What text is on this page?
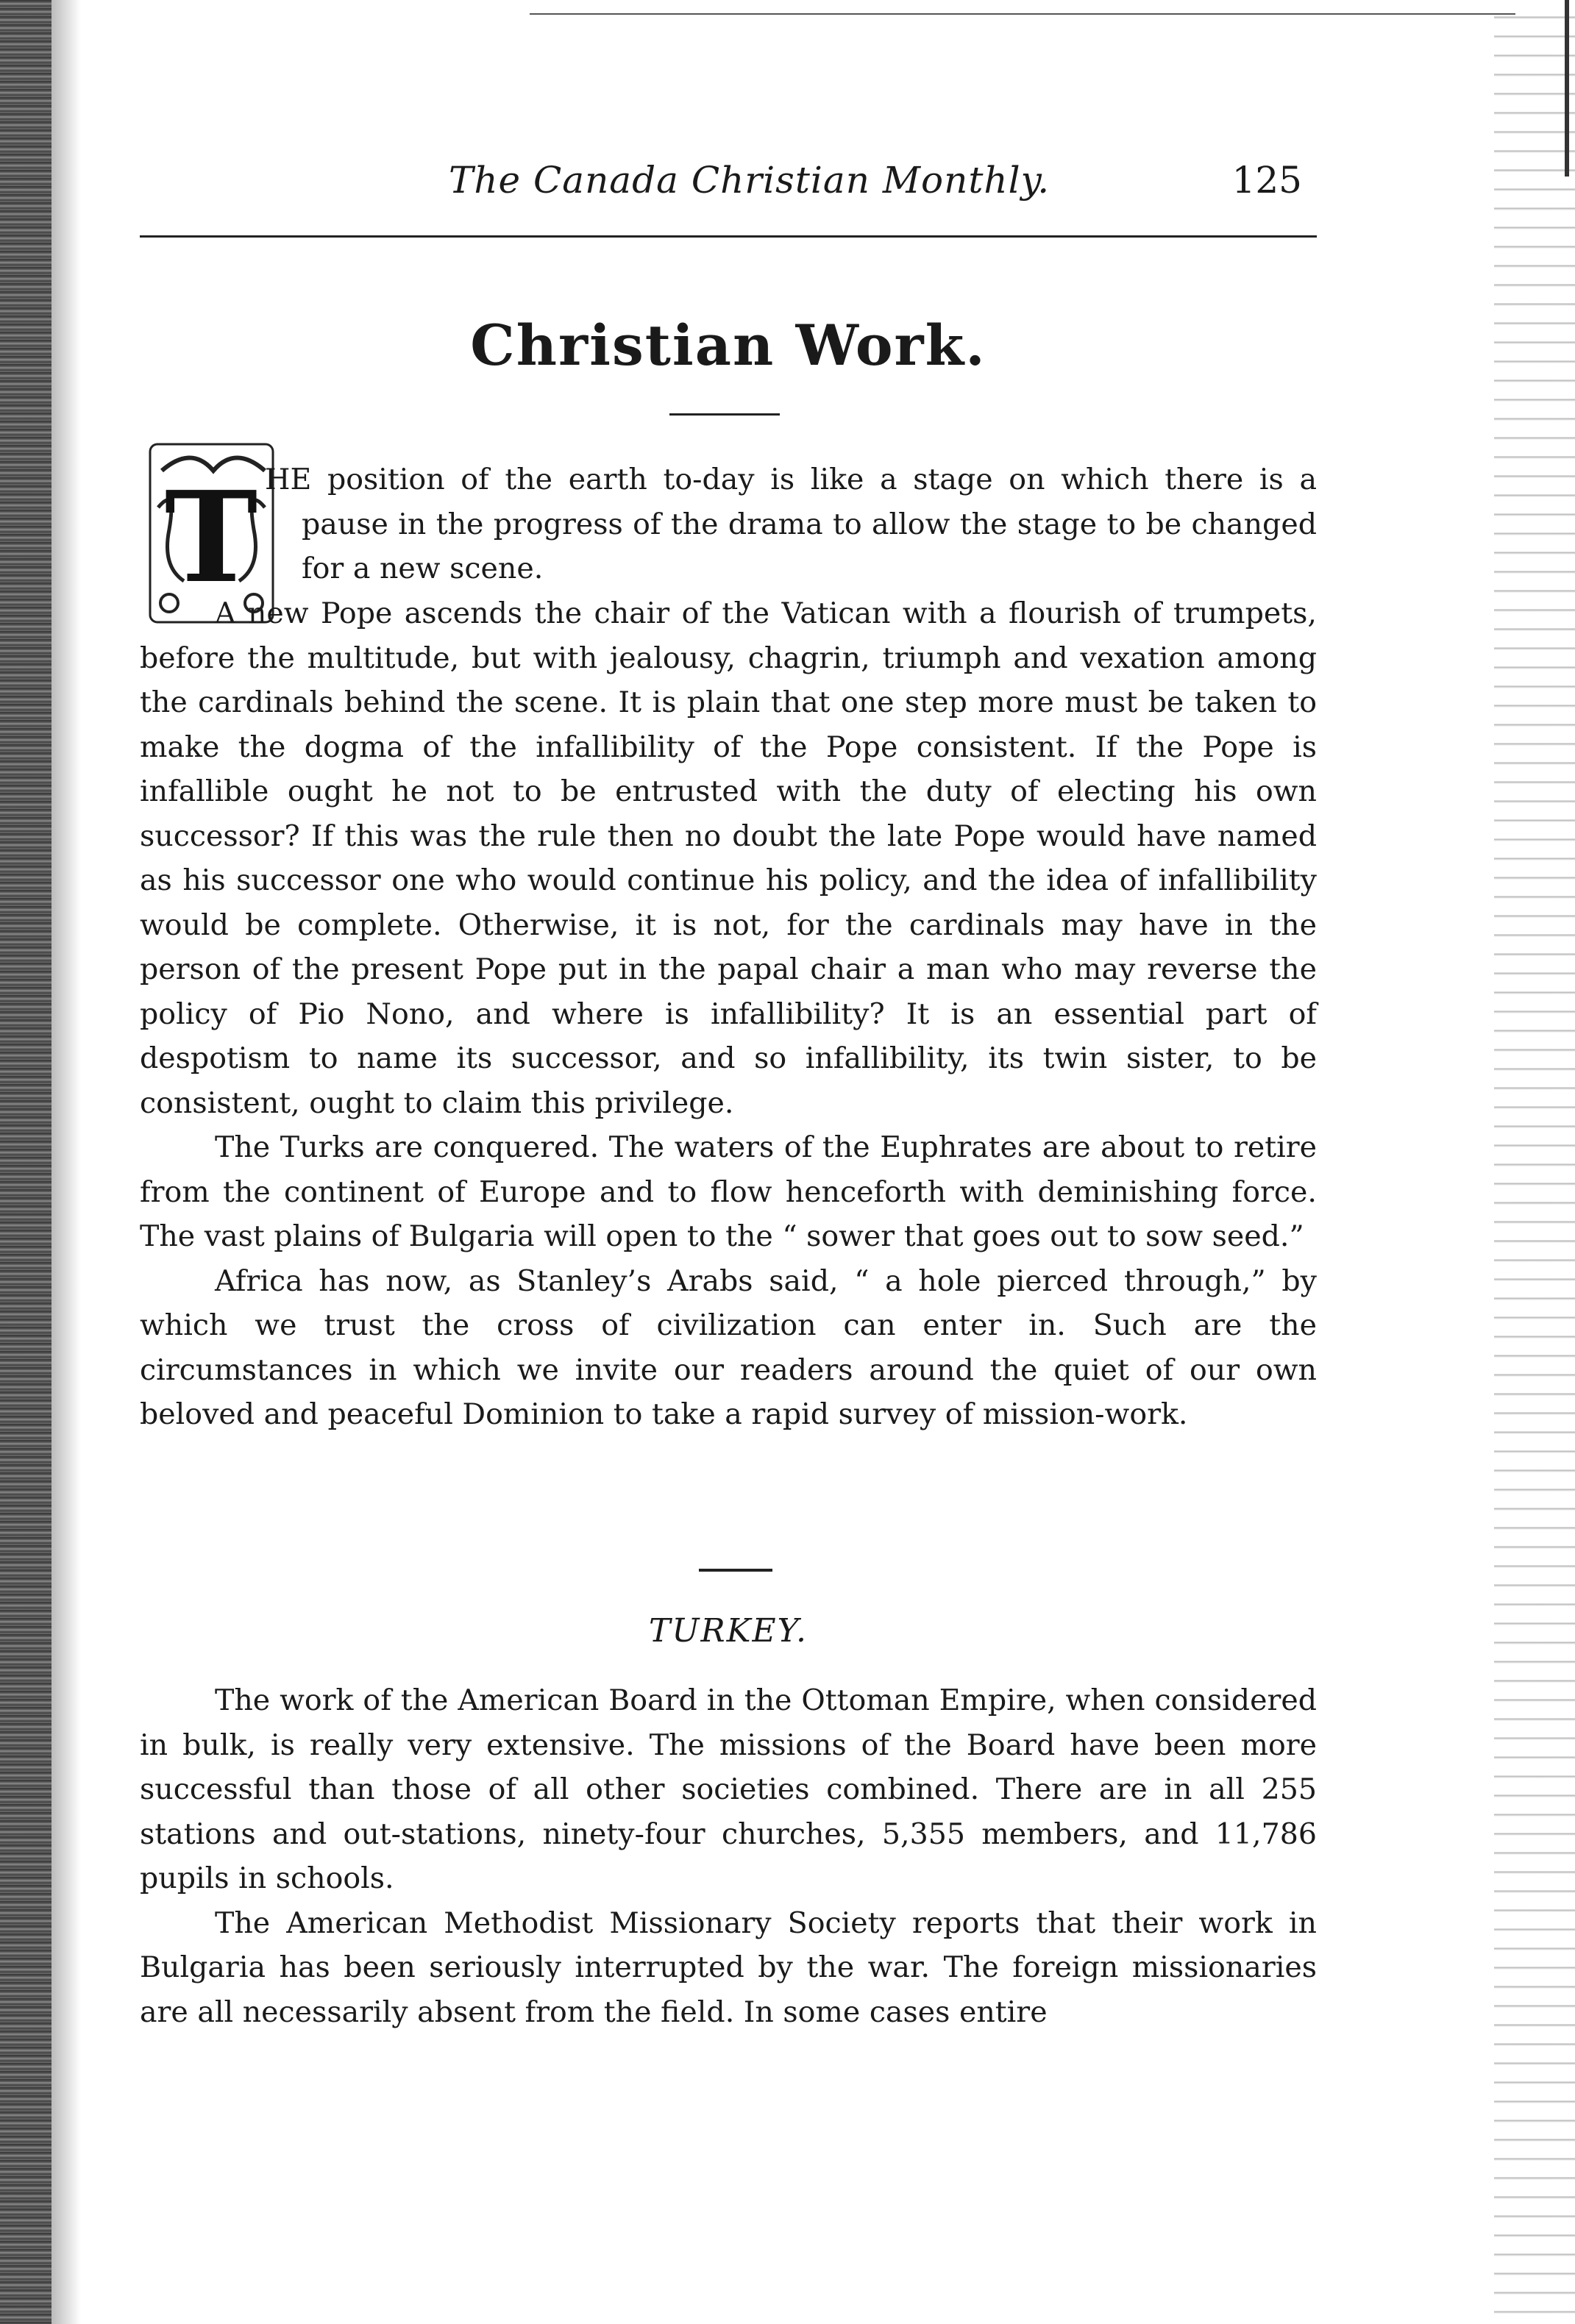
The Canada Christian Monthly.	125
Christian Work.
T HE position of the earth to-day is like a stage on which there is a pause in the progress of the drama to allow the stage to be changed for a new scene.

A new Pope ascends the chair of the Vatican with a flourish of trumpets, before the multitude, but with jealousy, chagrin, triumph and vexation among the cardinals behind the scene. It is plain that one step more must be taken to make the dogma of the infallibility of the Pope consistent. If the Pope is infallible ought he not to be entrusted with the duty of electing his own successor? If this was the rule then no doubt the late Pope would have named as his successor one who would continue his policy, and the idea of infallibility would be complete. Otherwise, it is not, for the cardinals may have in the person of the present Pope put in the papal chair a man who may reverse the policy of Pio Nono, and where is infallibility? It is an essential part of despotism to name its successor, and so infallibility, its twin sister, to be consistent, ought to claim this privilege.

The Turks are conquered. The waters of the Euphrates are about to retire from the continent of Europe and to flow henceforth with deminishing force. The vast plains of Bulgaria will open to the “ sower that goes out to sow seed.”

Africa has now, as Stanley’s Arabs said, “ a hole pierced through,” by which we trust the cross of civilization can enter in. Such are the circumstances in which we invite our readers around the quiet of our own beloved and peaceful Dominion to take a rapid survey of mission-work.

TURKEY.

The work of the American Board in the Ottoman Empire, when considered in bulk, is really very extensive. The missions of the Board have been more successful than those of all other societies combined. There are in all 255 stations and out-stations, ninety-four churches, 5,355 members, and 11,786 pupils in schools.

The American Methodist Missionary Society reports that their work in Bulgaria has been seriously interrupted by the war. The foreign missionaries are all necessarily absent from the field. In some cases entire
